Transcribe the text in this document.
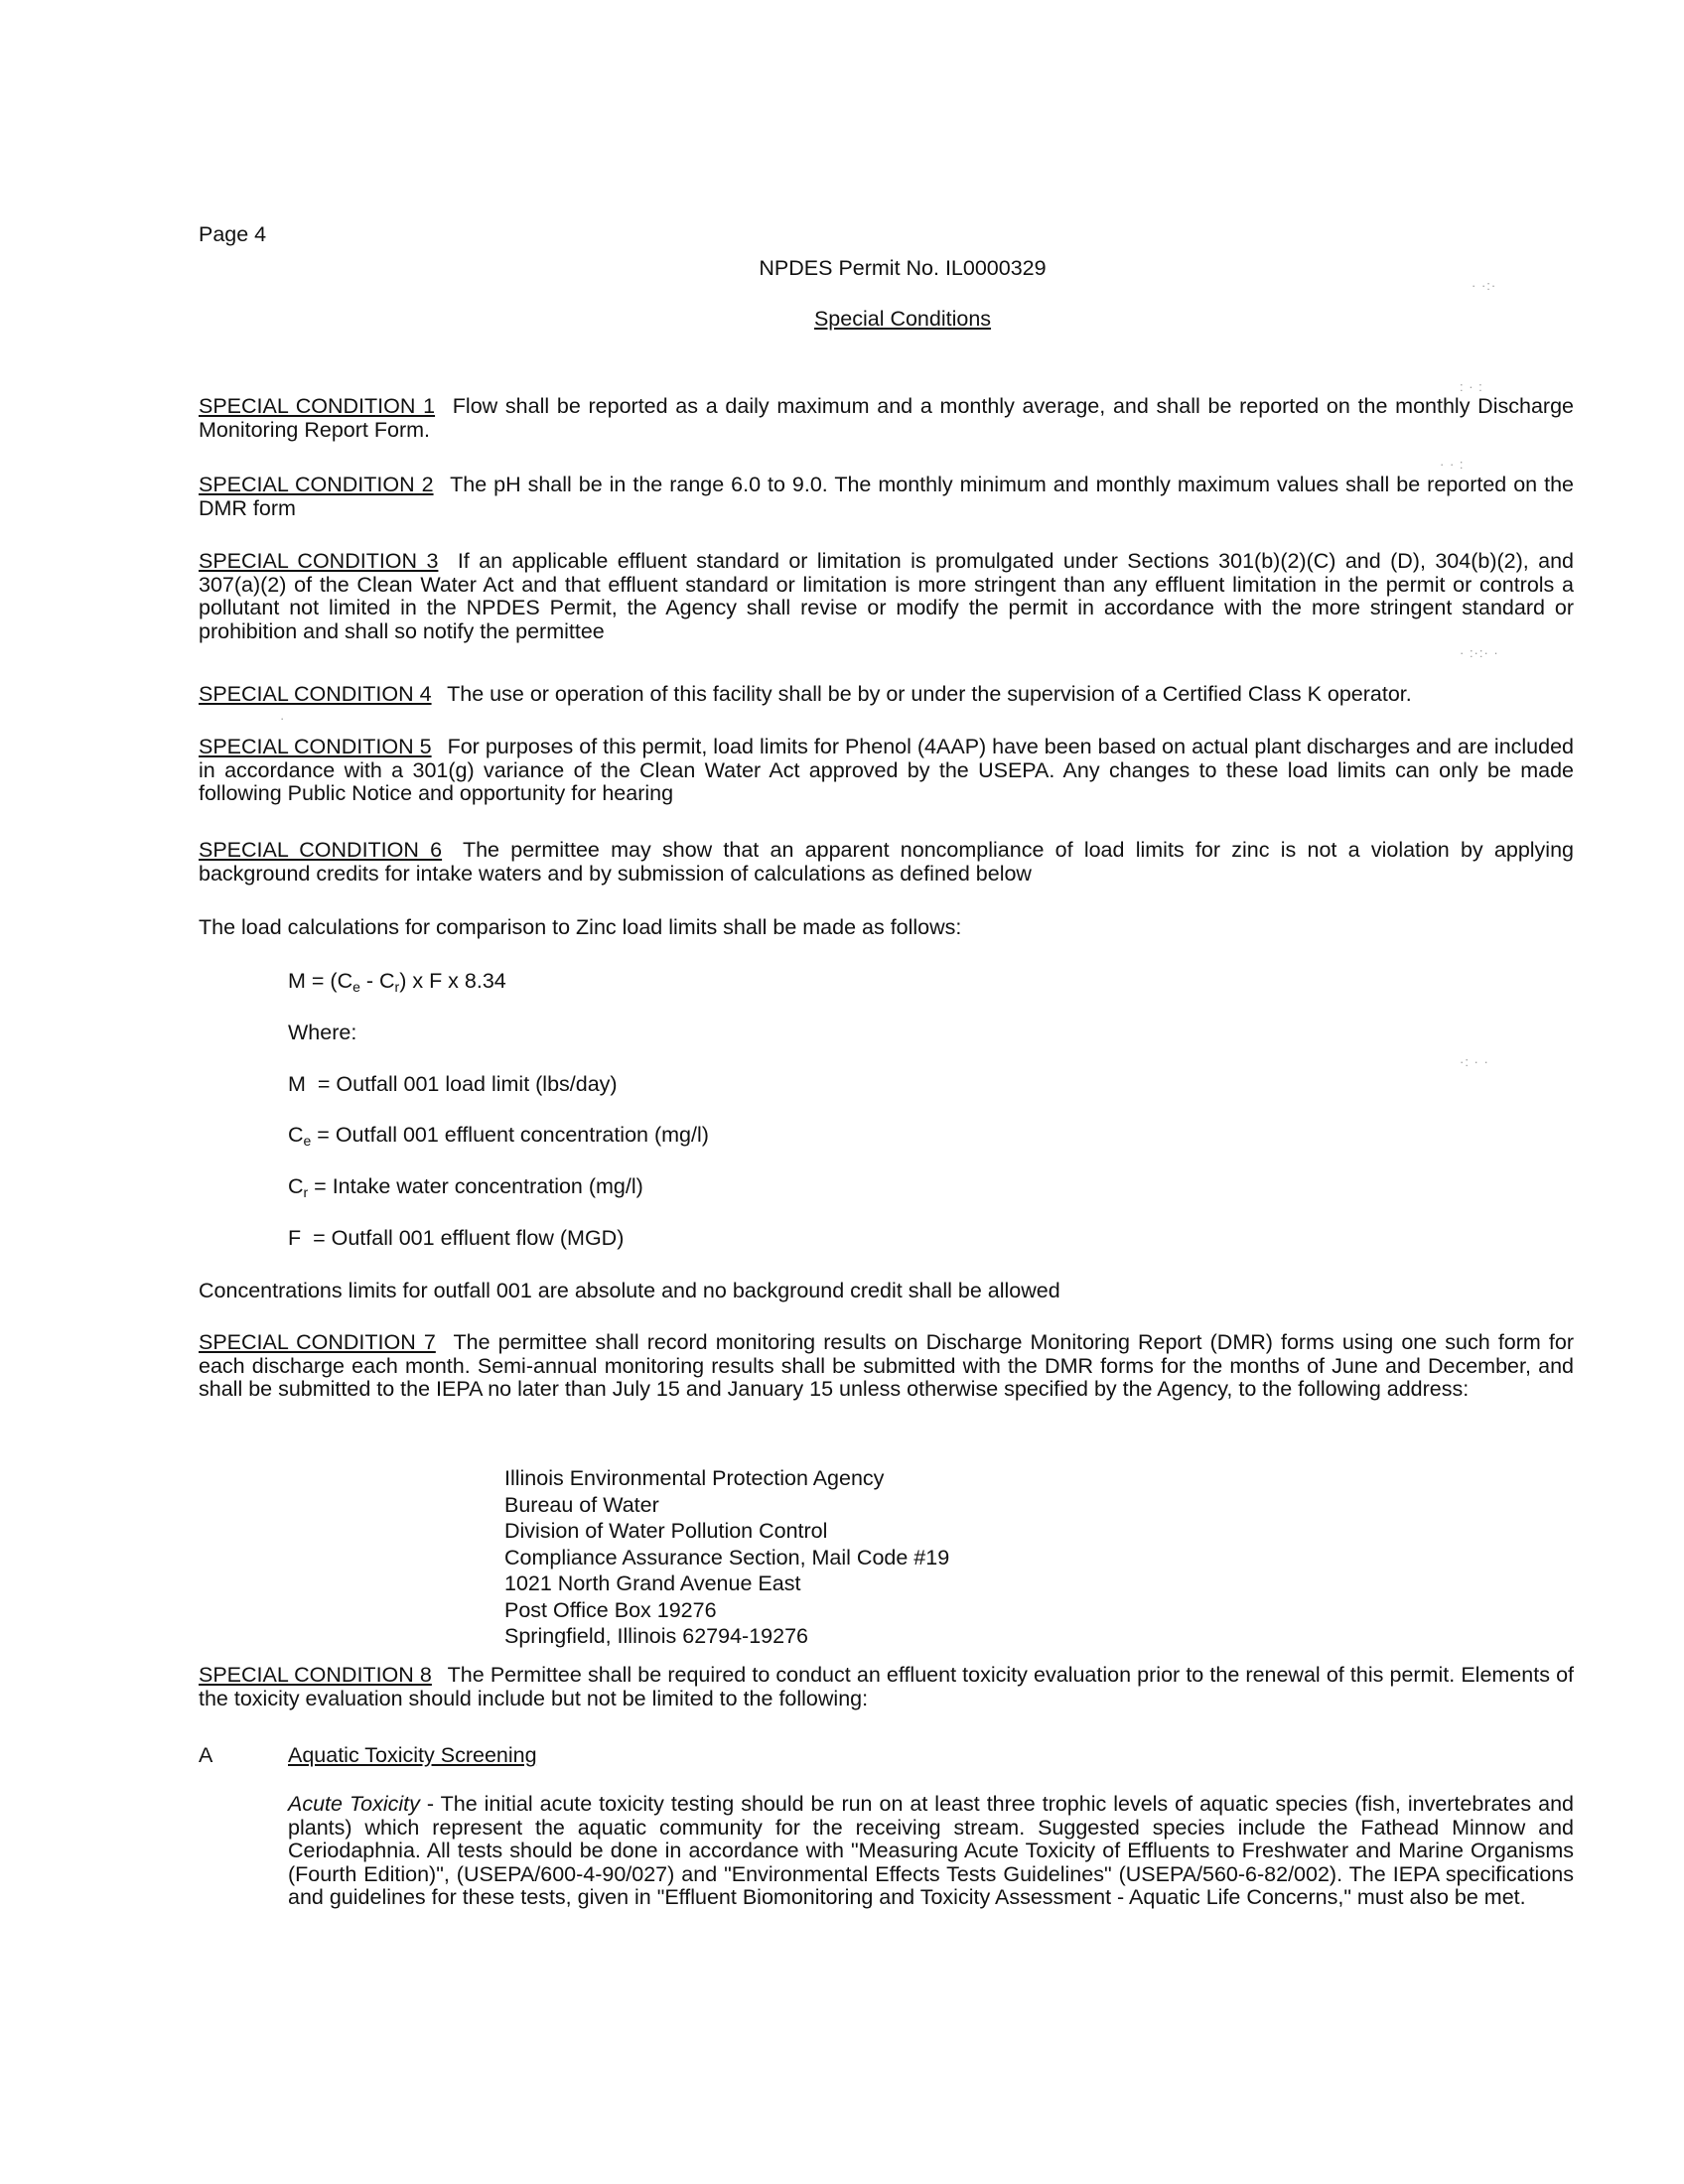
Page 4
NPDES Permit No. IL0000329
Special Conditions
SPECIAL CONDITION 1 Flow shall be reported as a daily maximum and a monthly average, and shall be reported on the monthly Discharge Monitoring Report Form.
SPECIAL CONDITION 2 The pH shall be in the range 6.0 to 9.0. The monthly minimum and monthly maximum values shall be reported on the DMR form
SPECIAL CONDITION 3 If an applicable effluent standard or limitation is promulgated under Sections 301(b)(2)(C) and (D), 304(b)(2), and 307(a)(2) of the Clean Water Act and that effluent standard or limitation is more stringent than any effluent limitation in the permit or controls a pollutant not limited in the NPDES Permit, the Agency shall revise or modify the permit in accordance with the more stringent standard or prohibition and shall so notify the permittee
SPECIAL CONDITION 4 The use or operation of this facility shall be by or under the supervision of a Certified Class K operator.
SPECIAL CONDITION 5 For purposes of this permit, load limits for Phenol (4AAP) have been based on actual plant discharges and are included in accordance with a 301(g) variance of the Clean Water Act approved by the USEPA. Any changes to these load limits can only be made following Public Notice and opportunity for hearing
SPECIAL CONDITION 6 The permittee may show that an apparent noncompliance of load limits for zinc is not a violation by applying background credits for intake waters and by submission of calculations as defined below
The load calculations for comparison to Zinc load limits shall be made as follows:
$M = (C_e - C_r)$ x F x 8.34
Where:
M  = Outfall 001 load limit (lbs/day)
$C_e$ = Outfall 001 effluent concentration (mg/l)
$C_r$ = Intake water concentration (mg/l)
F  = Outfall 001 effluent flow (MGD)
Concentrations limits for outfall 001 are absolute and no background credit shall be allowed
SPECIAL CONDITION 7 The permittee shall record monitoring results on Discharge Monitoring Report (DMR) forms using one such form for each discharge each month. Semi-annual monitoring results shall be submitted with the DMR forms for the months of June and December, and shall be submitted to the IEPA no later than July 15 and January 15 unless otherwise specified by the Agency, to the following address:
Illinois Environmental Protection Agency
Bureau of Water
Division of Water Pollution Control
Compliance Assurance Section, Mail Code #19
1021 North Grand Avenue East
Post Office Box 19276
Springfield, Illinois 62794-19276
SPECIAL CONDITION 8 The Permittee shall be required to conduct an effluent toxicity evaluation prior to the renewal of this permit. Elements of the toxicity evaluation should include but not be limited to the following:
A	Aquatic Toxicity Screening
Acute Toxicity - The initial acute toxicity testing should be run on at least three trophic levels of aquatic species (fish, invertebrates and plants) which represent the aquatic community for the receiving stream. Suggested species include the Fathead Minnow and Ceriodaphnia. All tests should be done in accordance with "Measuring Acute Toxicity of Effluents to Freshwater and Marine Organisms (Fourth Edition)", (USEPA/600-4-90/027) and "Environmental Effects Tests Guidelines" (USEPA/560-6-82/002). The IEPA specifications and guidelines for these tests, given in "Effluent Biomonitoring and Toxicity Assessment - Aquatic Life Concerns," must also be met.
· ·:·
: · :
· · :
· :·:· ·
·: · ·
·
